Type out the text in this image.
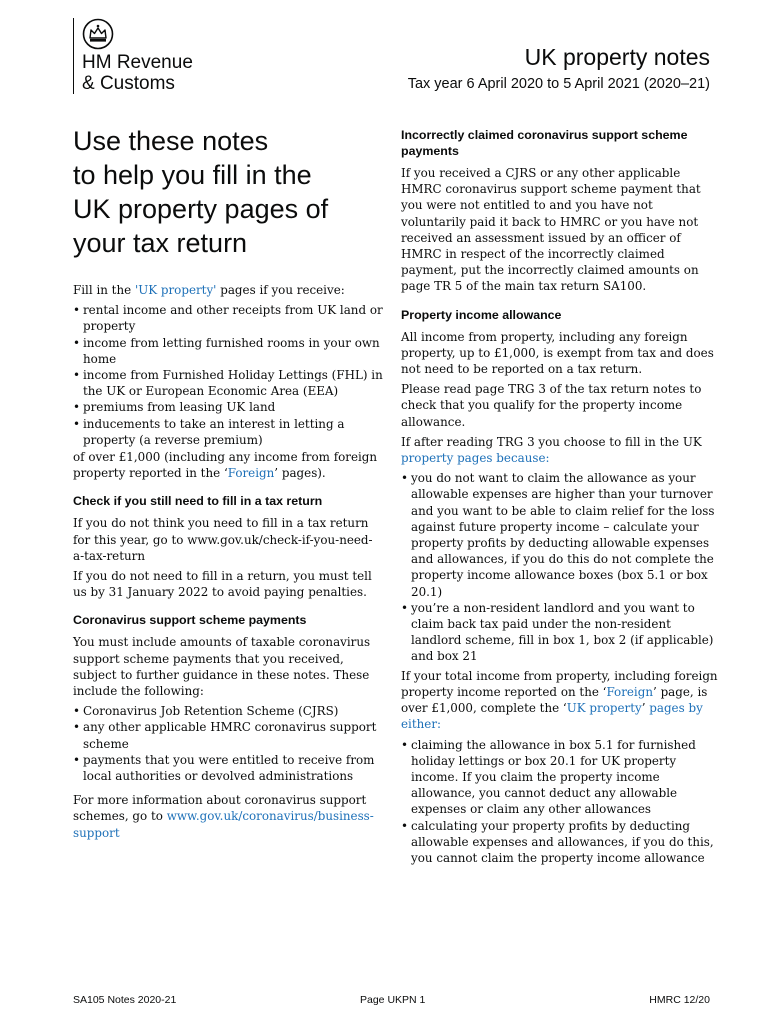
HM Revenue
& Customs
UK property notes
Tax year 6 April 2020 to 5 April 2021 (2020–21)
Use these notes
to help you fill in the
UK property pages of
your tax return

Fill in the 'UK property' pages if you receive:

• rental income and other receipts from UK land or property
• income from letting furnished rooms in your own home
• income from Furnished Holiday Lettings (FHL) in the UK or European Economic Area (EEA)
• premiums from leasing UK land
• inducements to take an interest in letting a property (a reverse premium)

of over £1,000 (including any income from foreign property reported in the ‘Foreign’ pages).

Check if you still need to fill in a tax return

If you do not think you need to fill in a tax return for this year, go to www.gov.uk/check-if-you-need-a-tax-return

If you do not need to fill in a return, you must tell us by 31 January 2022 to avoid paying penalties.

Coronavirus support scheme payments

You must include amounts of taxable coronavirus support scheme payments that you received, subject to further guidance in these notes. These include the following:

• Coronavirus Job Retention Scheme (CJRS)
• any other applicable HMRC coronavirus support scheme
• payments that you were entitled to receive from local authorities or devolved administrations

For more information about coronavirus support schemes, go to www.gov.uk/coronavirus/business-support

Incorrectly claimed coronavirus support scheme payments

If you received a CJRS or any other applicable HMRC coronavirus support scheme payment that you were not entitled to and you have not voluntarily paid it back to HMRC or you have not received an assessment issued by an officer of HMRC in respect of the incorrectly claimed payment, put the incorrectly claimed amounts on page TR 5 of the main tax return SA100.

Property income allowance

All income from property, including any foreign property, up to £1,000, is exempt from tax and does not need to be reported on a tax return.

Please read page TRG 3 of the tax return notes to check that you qualify for the property income allowance.

If after reading TRG 3 you choose to fill in the UK property pages because:

• you do not want to claim the allowance as your allowable expenses are higher than your turnover and you want to be able to claim relief for the loss against future property income – calculate your property profits by deducting allowable expenses and allowances, if you do this do not complete the property income allowance boxes (box 5.1 or box 20.1)
• you’re a non-resident landlord and you want to claim back tax paid under the non-resident landlord scheme, fill in box 1, box 2 (if applicable) and box 21

If your total income from property, including foreign property income reported on the ‘Foreign’ page, is over £1,000, complete the ‘UK property’ pages by either:

• claiming the allowance in box 5.1 for furnished holiday lettings or box 20.1 for UK property income. If you claim the property income allowance, you cannot deduct any allowable expenses or claim any other allowances
• calculating your property profits by deducting allowable expenses and allowances, if you do this, you cannot claim the property income allowance
SA105 Notes 2020-21	Page UKPN 1	HMRC 12/20
